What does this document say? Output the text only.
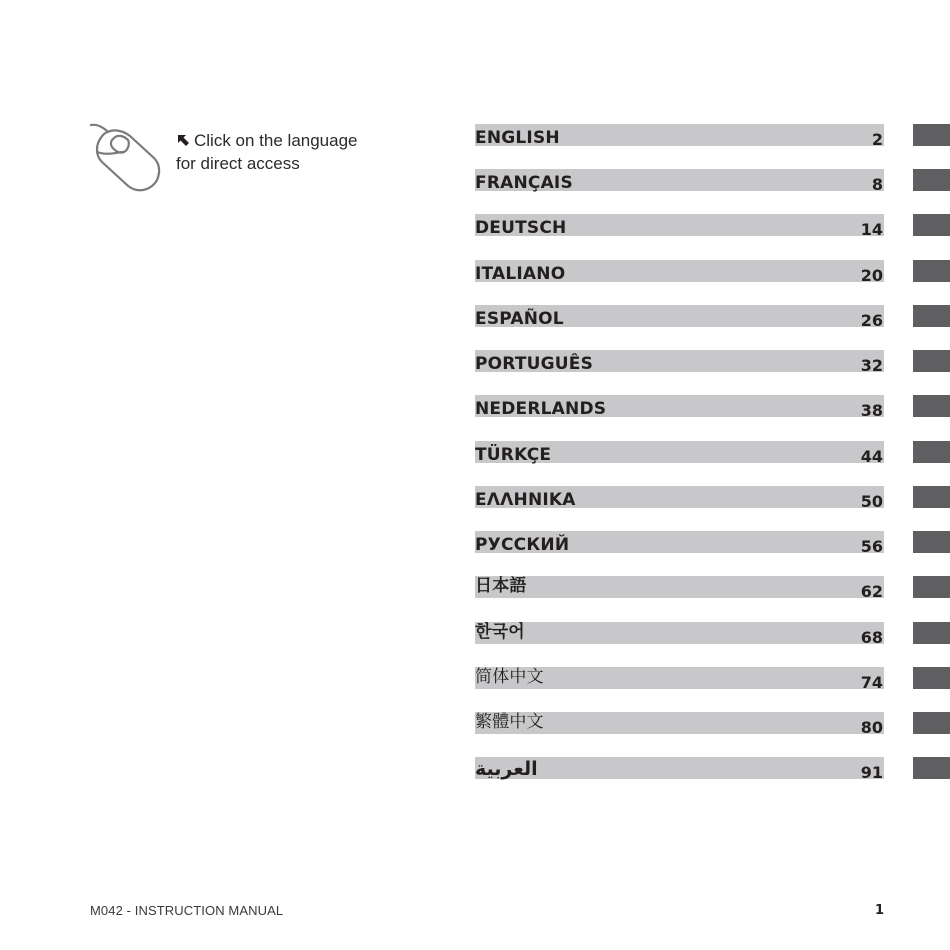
Click on the language
for direct access
ENGLISH	2
FRANÇAIS	8
DEUTSCH	14
ITALIANO	20
ESPAÑOL	26
PORTUGUÊS	32
NEDERLANDS	38
TÜRKÇE	44
ΕΛΛΗΝΙΚΑ	50
РУССКИЙ	56
日本語	62
한국어	68
简体中文	74
繁體中文	80
العربية	91
M042 - INSTRUCTION MANUAL	1
